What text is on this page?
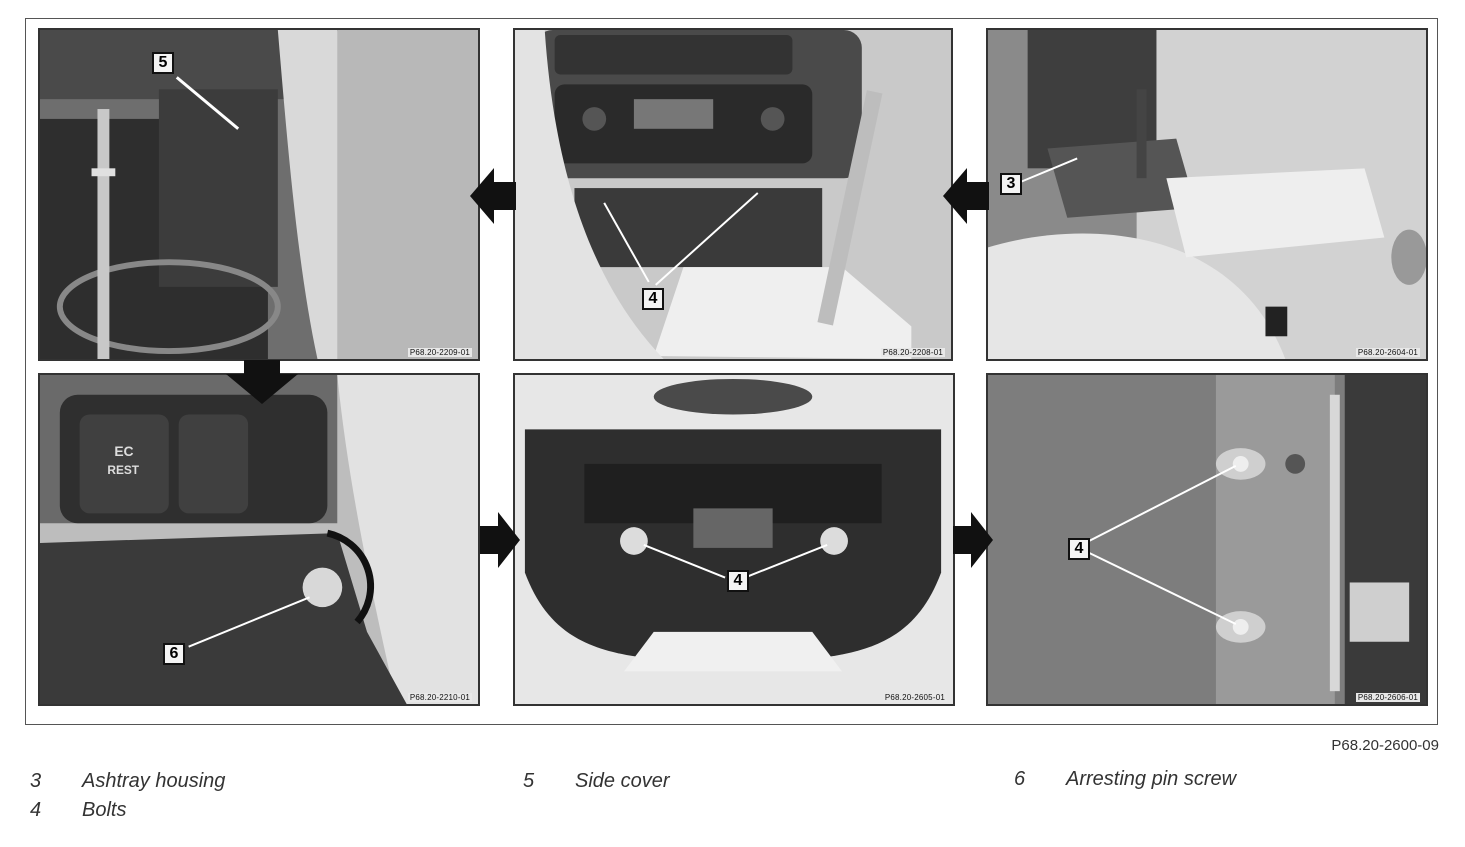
5
P68.20-2209-01
4
P68.20-2208-01
3
P68.20-2604-01
EC
REST
6
P68.20-2210-01
4
P68.20-2605-01
4
P68.20-2606-01
P68.20-2600-09
3 Ashtray housing
4 Bolts
5 Side cover	6 Arresting pin screw
